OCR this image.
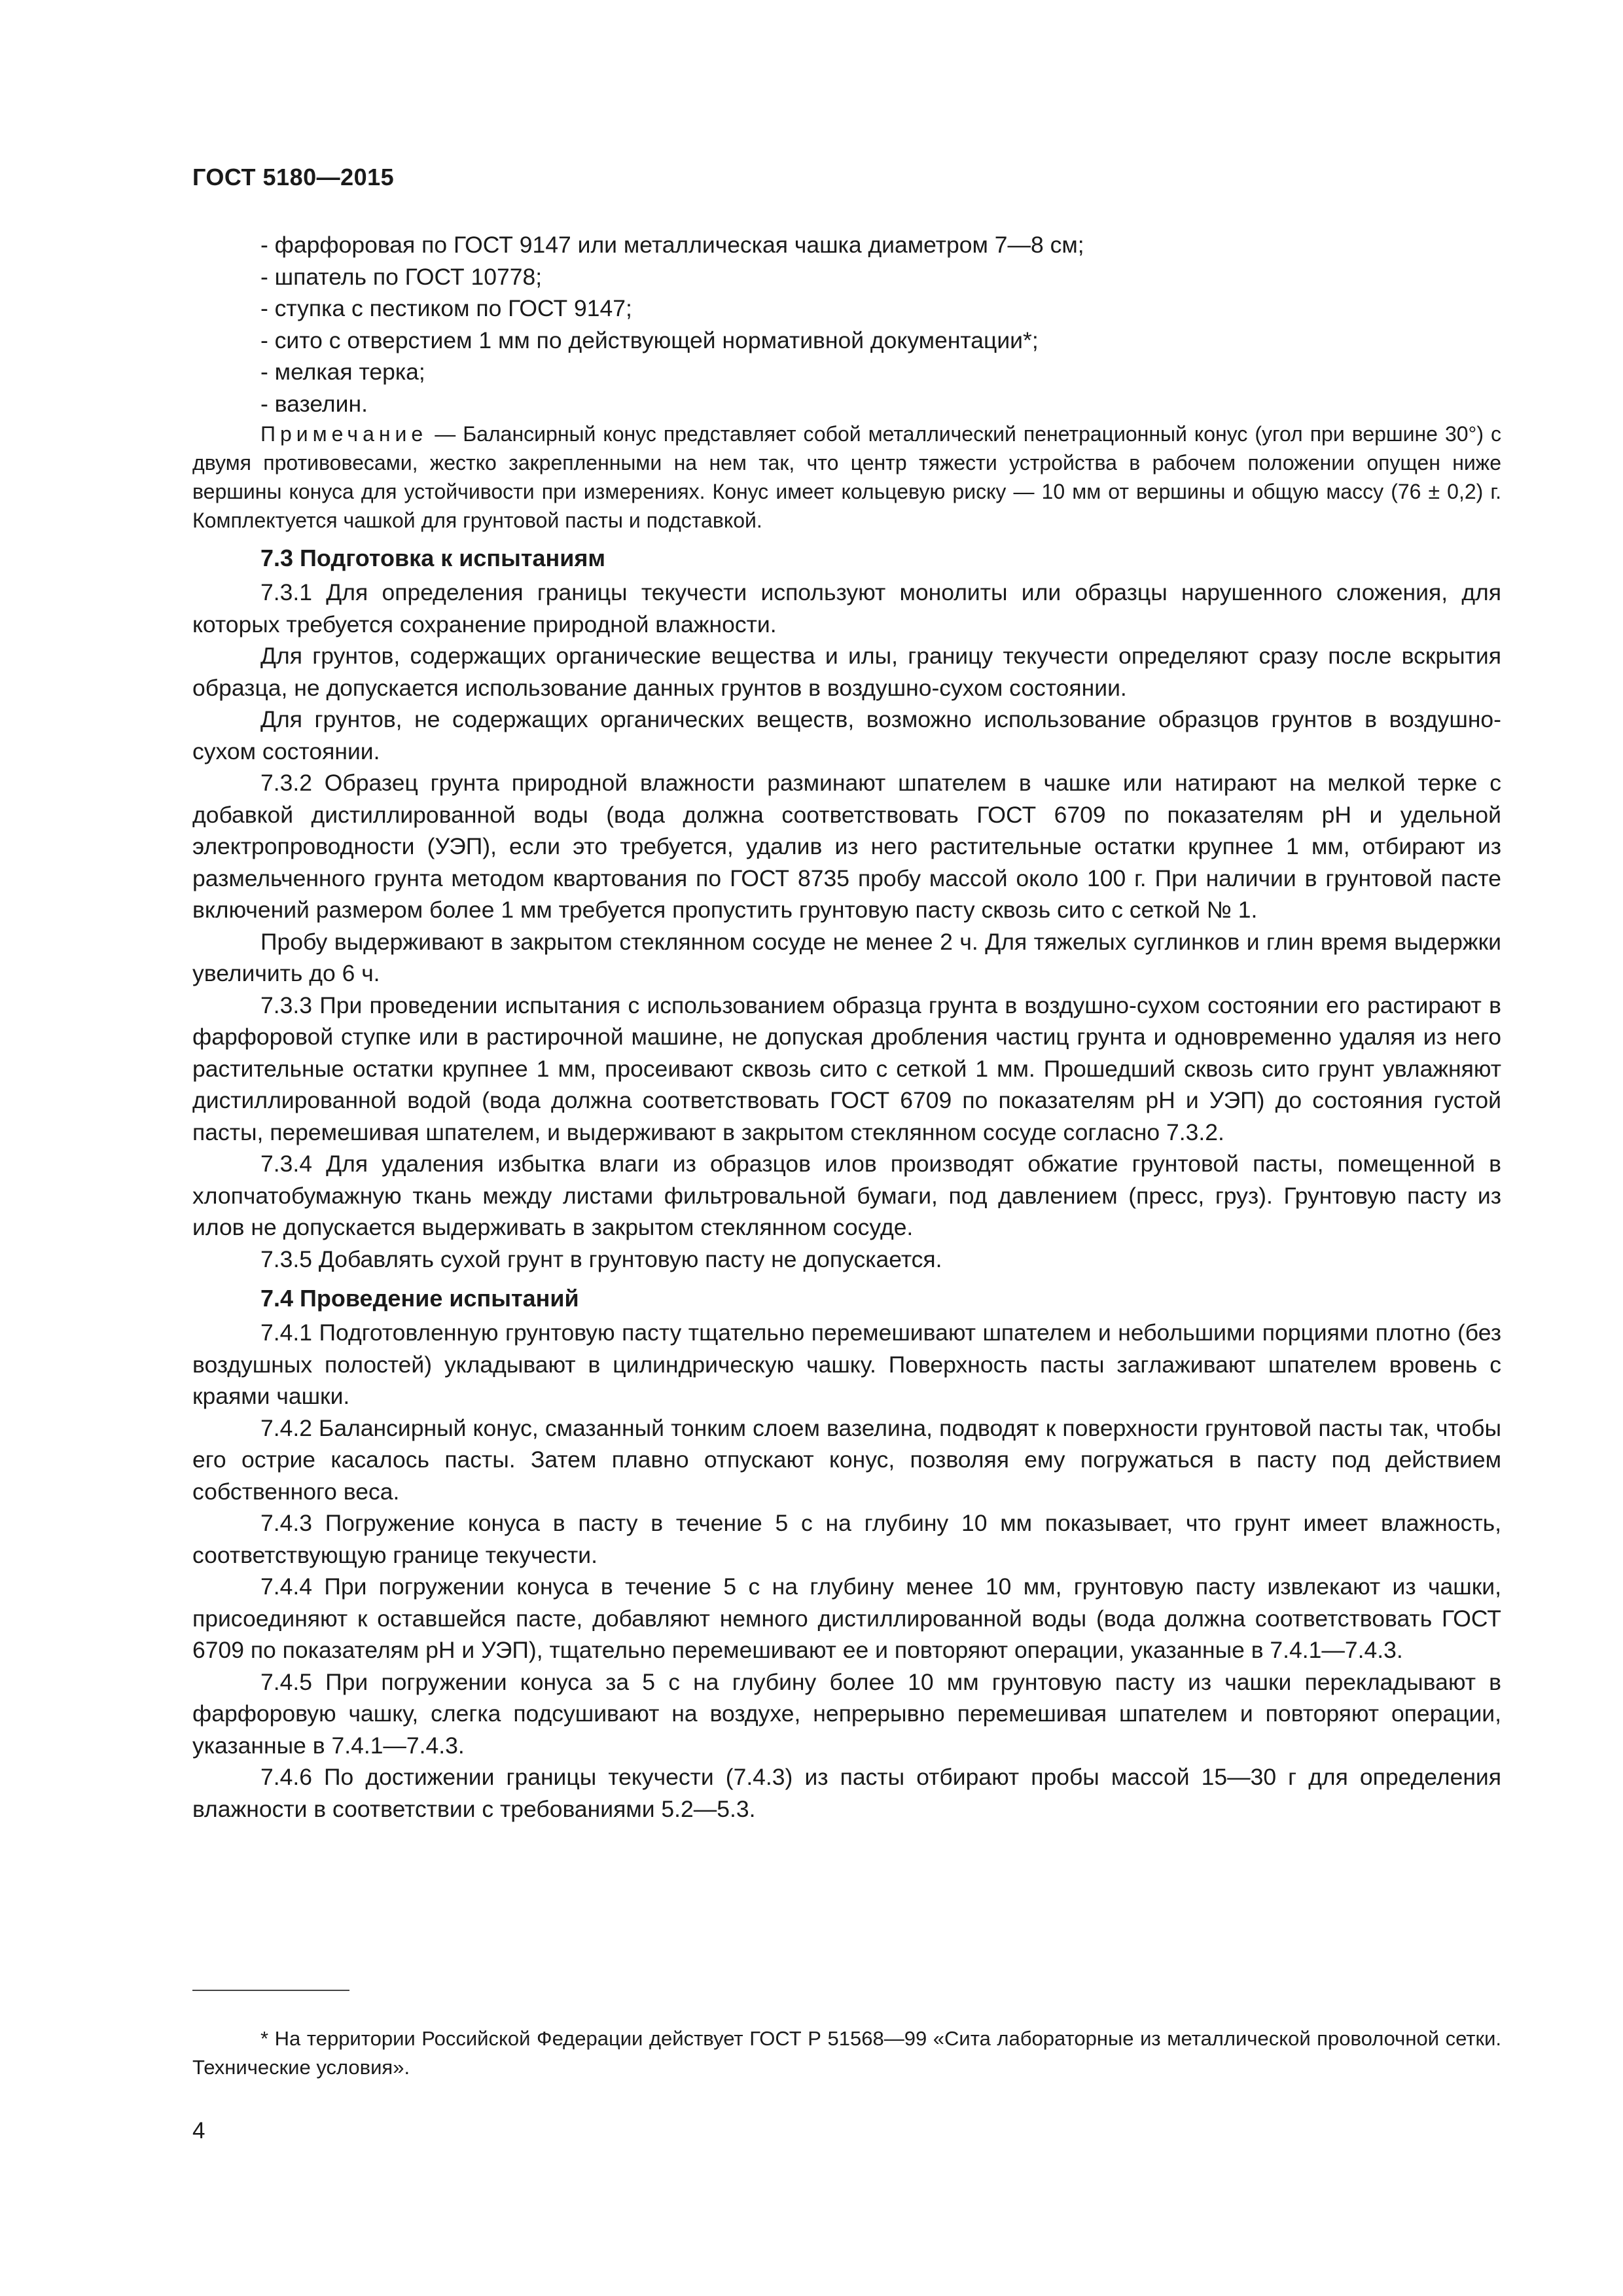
ГОСТ 5180—2015

- фарфоровая по ГОСТ 9147 или металлическая чашка диаметром 7—8 см;

- шпатель по ГОСТ 10778;

- ступка с пестиком по ГОСТ 9147;

- сито с отверстием 1 мм по действующей нормативной документации*;

- мелкая терка;

- вазелин.

Примечание — Балансирный конус представляет собой металлический пенетрационный конус (угол при вершине 30°) с двумя противовесами, жестко закрепленными на нем так, что центр тяжести устройства в рабочем положении опущен ниже вершины конуса для устойчивости при измерениях. Конус имеет кольцевую риску — 10 мм от вершины и общую массу (76 ± 0,2) г. Комплектуется чашкой для грунтовой пасты и подставкой.

7.3 Подготовка к испытаниям

7.3.1 Для определения границы текучести используют монолиты или образцы нарушенного сложения, для которых требуется сохранение природной влажности.

Для грунтов, содержащих органические вещества и илы, границу текучести определяют сразу после вскрытия образца, не допускается использование данных грунтов в воздушно-сухом состоянии.

Для грунтов, не содержащих органических веществ, возможно использование образцов грунтов в воздушно-сухом состоянии.

7.3.2 Образец грунта природной влажности разминают шпателем в чашке или натирают на мелкой терке с добавкой дистиллированной воды (вода должна соответствовать ГОСТ 6709 по показателям pH и удельной электропроводности (УЭП), если это требуется, удалив из него растительные остатки крупнее 1 мм, отбирают из размельченного грунта методом квартования по ГОСТ 8735 пробу массой около 100 г. При наличии в грунтовой пасте включений размером более 1 мм требуется пропустить грунтовую пасту сквозь сито с сеткой № 1.

Пробу выдерживают в закрытом стеклянном сосуде не менее 2 ч. Для тяжелых суглинков и глин время выдержки увеличить до 6 ч.

7.3.3 При проведении испытания с использованием образца грунта в воздушно-сухом состоянии его растирают в фарфоровой ступке или в растирочной машине, не допуская дробления частиц грунта и одновременно удаляя из него растительные остатки крупнее 1 мм, просеивают сквозь сито с сеткой 1 мм. Прошедший сквозь сито грунт увлажняют дистиллированной водой (вода должна соответствовать ГОСТ 6709 по показателям pH и УЭП) до состояния густой пасты, перемешивая шпателем, и выдерживают в закрытом стеклянном сосуде согласно 7.3.2.

7.3.4 Для удаления избытка влаги из образцов илов производят обжатие грунтовой пасты, помещенной в хлопчатобумажную ткань между листами фильтровальной бумаги, под давлением (пресс, груз). Грунтовую пасту из илов не допускается выдерживать в закрытом стеклянном сосуде.

7.3.5 Добавлять сухой грунт в грунтовую пасту не допускается.

7.4 Проведение испытаний

7.4.1 Подготовленную грунтовую пасту тщательно перемешивают шпателем и небольшими порциями плотно (без воздушных полостей) укладывают в цилиндрическую чашку. Поверхность пасты заглаживают шпателем вровень с краями чашки.

7.4.2 Балансирный конус, смазанный тонким слоем вазелина, подводят к поверхности грунтовой пасты так, чтобы его острие касалось пасты. Затем плавно отпускают конус, позволяя ему погружаться в пасту под действием собственного веса.

7.4.3 Погружение конуса в пасту в течение 5 с на глубину 10 мм показывает, что грунт имеет влажность, соответствующую границе текучести.

7.4.4 При погружении конуса в течение 5 с на глубину менее 10 мм, грунтовую пасту извлекают из чашки, присоединяют к оставшейся пасте, добавляют немного дистиллированной воды (вода должна соответствовать ГОСТ 6709 по показателям pH и УЭП), тщательно перемешивают ее и повторяют операции, указанные в 7.4.1—7.4.3.

7.4.5 При погружении конуса за 5 с на глубину более 10 мм грунтовую пасту из чашки перекладывают в фарфоровую чашку, слегка подсушивают на воздухе, непрерывно перемешивая шпателем и повторяют операции, указанные в 7.4.1—7.4.3.

7.4.6 По достижении границы текучести (7.4.3) из пасты отбирают пробы массой 15—30 г для определения влажности в соответствии с требованиями 5.2—5.3.

* На территории Российской Федерации действует ГОСТ Р 51568—99 «Сита лабораторные из металлической проволочной сетки. Технические условия».

4
